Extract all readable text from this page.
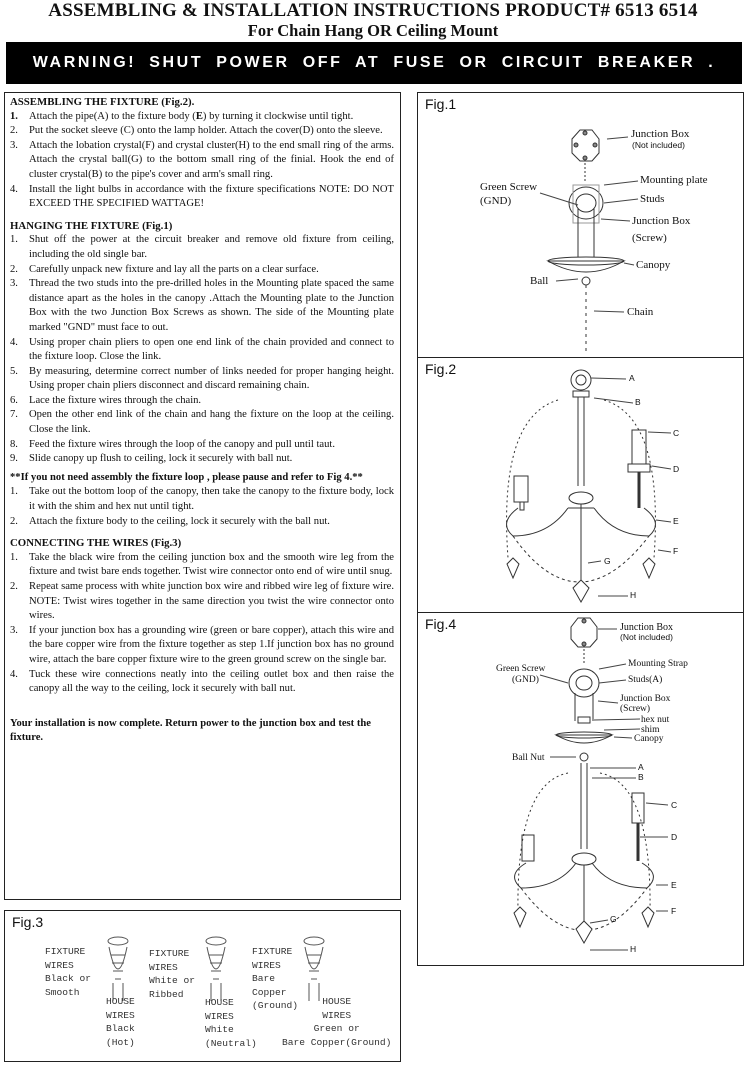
ASSEMBLING & INSTALLATION INSTRUCTIONS PRODUCT# 6513 6514
For Chain Hang OR Ceiling Mount
WARNING! SHUT POWER OFF AT FUSE OR CIRCUIT BREAKER .
ASSEMBLING THE FIXTURE (Fig.2).
1. Attach the pipe(A) to the fixture body (E) by turning it clockwise until tight.
2. Put the socket sleeve (C) onto the lamp holder. Attach the cover(D) onto the sleeve.
3. Attach the lobation crystal(F) and crystal cluster(H) to the end small ring of the arms. Attach the crystal ball(G) to the bottom small ring of the finial. Hook the end of cluster crystal(B) to the pipe's cover and arm's small ring.
4. Install the light bulbs in accordance with the fixture specifications NOTE: DO NOT EXCEED THE SPECIFIED WATTAGE!
HANGING THE FIXTURE (Fig.1)
1. Shut off the power at the circuit breaker and remove old fixture from ceiling, including the old single bar.
2. Carefully unpack new fixture and lay all the parts on a clear surface.
3. Thread the two studs into the pre-drilled holes in the Mounting plate spaced the same distance apart as the holes in the canopy .Attach the Mounting plate to the Junction Box with the two Junction Box Screws as shown. The side of the Mounting plate marked "GND" must face to out.
4. Using proper chain pliers to open one end link of the chain provided and connect to the fixture loop. Close the link.
5. By measuring, determine correct number of links needed for proper hanging height. Using proper chain pliers disconnect and discard remaining chain.
6. Lace the fixture wires through the chain.
7. Open the other end link of the chain and hang the fixture on the loop at the ceiling. Close the link.
8. Feed the fixture wires through the loop of the canopy and pull until taut.
9. Slide canopy up flush to ceiling, lock it securely with ball nut.

**If you not need assembly the fixture loop , please pause and refer to Fig 4.**

1. Take out the bottom loop of the canopy, then take the canopy to the fixture body, lock it with the shim and hex nut until tight.
2. Attach the fixture body to the ceiling, lock it securely with the ball nut.
CONNECTING THE WIRES (Fig.3)
1. Take the black wire from the ceiling junction box and the smooth wire leg from the fixture and twist bare ends together. Twist wire connector onto end of wire until snug.
2. Repeat same process with white junction box wire and ribbed wire leg of fixture wire. NOTE: Twist wires together in the same direction you twist the wire connector onto wires.
3. If your junction box has a grounding wire (green or bare copper), attach this wire and the bare copper wire from the fixture together as step 1.If junction box has no ground wire, attach the bare copper fixture wire to the green ground screw on the single bar.
4. Tuck these wire connections neatly into the ceiling outlet box and then raise the canopy all the way to the ceiling, lock it securely with ball nut.

Your installation is now complete. Return power to the junction box and test the fixture.

Fig.1
Junction Box
(Not included)
Green Screw
(GND)
Mounting plate
Studs
Junction Box
(Screw)
Canopy
Ball
Chain
Fig.2
A
B
C
D
E
F
G
H
Fig.4	Junction Box
(Not included)
Green Screw
(GND)
Mounting Strap
Studs(A)
Junction Box
(Screw)
hex nut
shim
Canopy
Ball Nut
A
B
C
D
E
F
G
H
Fig.3
FIXTURE
WIRES
Black or
Smooth
FIXTURE
WIRES
White or
Ribbed
FIXTURE
WIRES
Bare
Copper
(Ground)
HOUSE
WIRES
Black
(Hot)
HOUSE
WIRES
White
(Neutral)
HOUSE
WIRES
Green or
Bare Copper(Ground)
